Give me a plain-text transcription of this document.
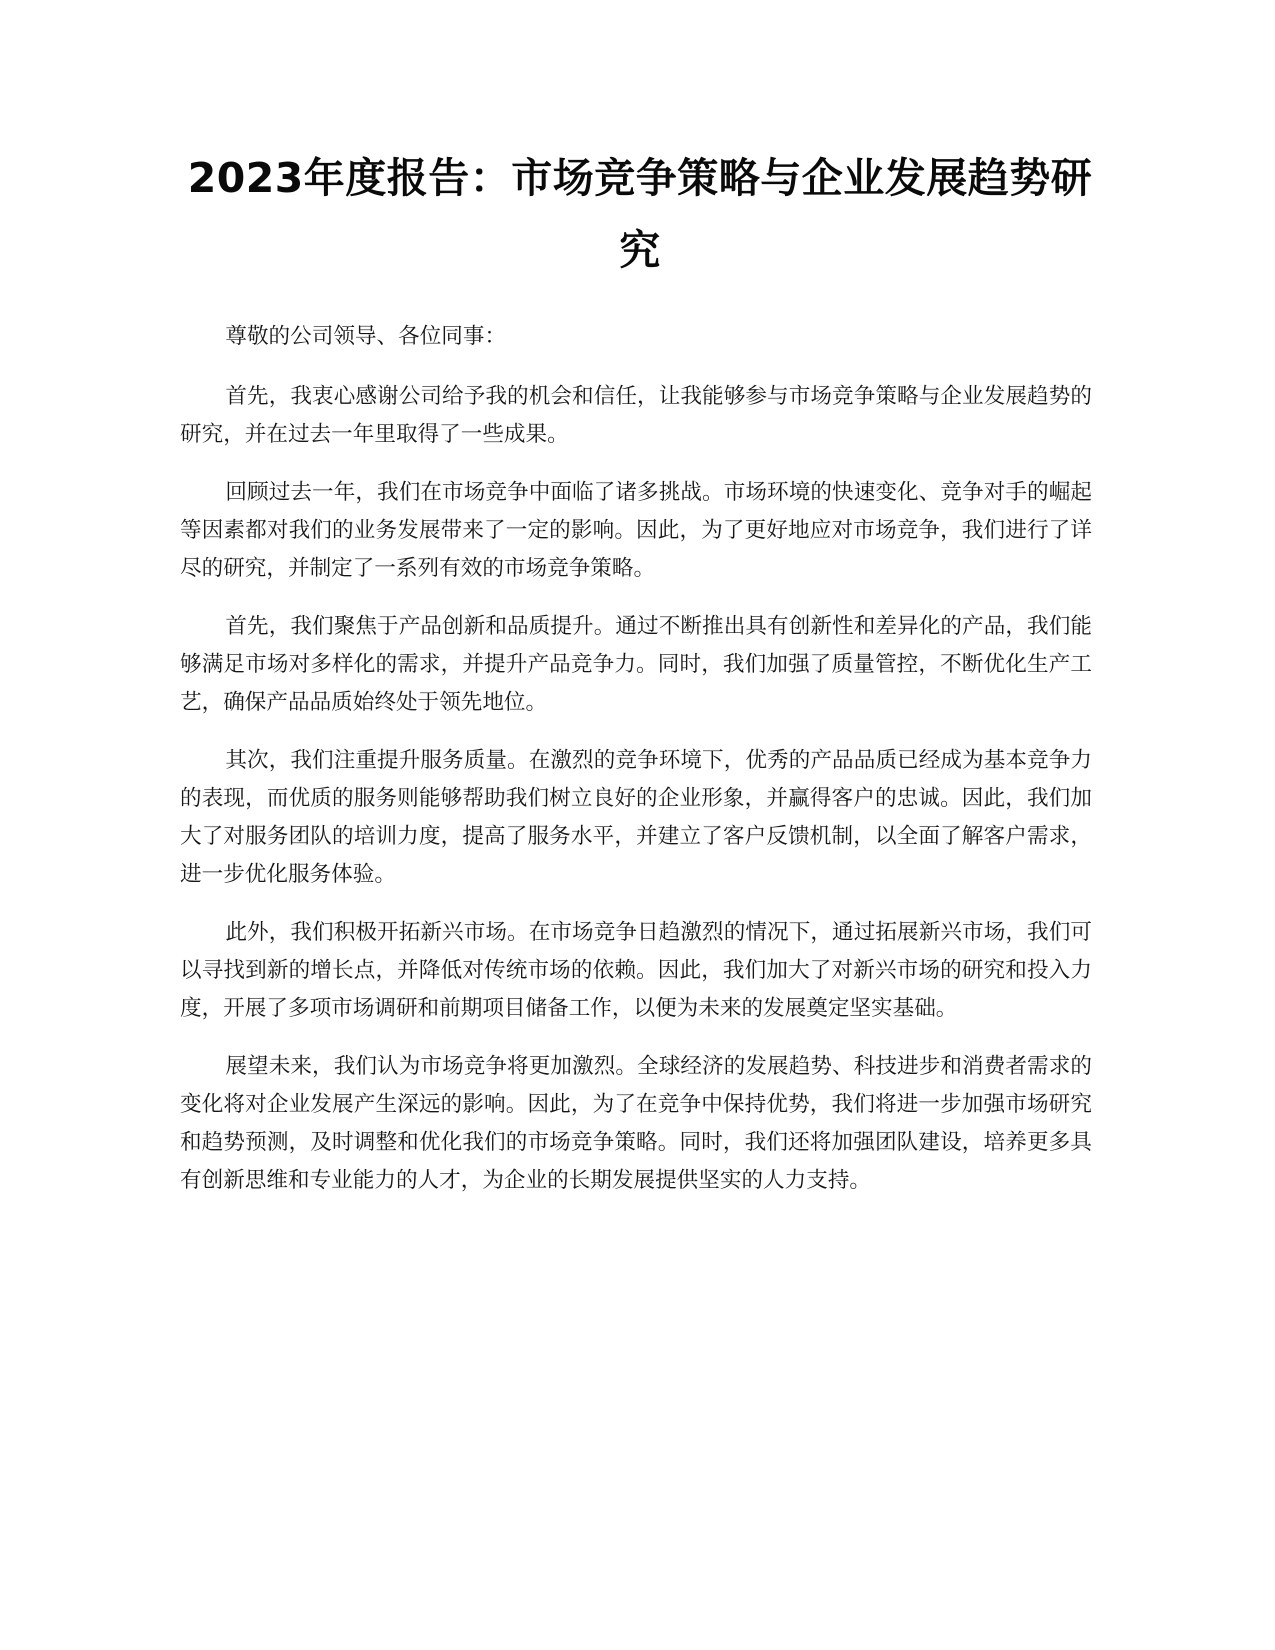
2023年度报告：市场竞争策略与企业发展趋势研究

尊敬的公司领导、各位同事：

首先，我衷心感谢公司给予我的机会和信任，让我能够参与市场竞争策略与企业发展趋势的研究，并在过去一年里取得了一些成果。

回顾过去一年，我们在市场竞争中面临了诸多挑战。市场环境的快速变化、竞争对手的崛起等因素都对我们的业务发展带来了一定的影响。因此，为了更好地应对市场竞争，我们进行了详尽的研究，并制定了一系列有效的市场竞争策略。

首先，我们聚焦于产品创新和品质提升。通过不断推出具有创新性和差异化的产品，我们能够满足市场对多样化的需求，并提升产品竞争力。同时，我们加强了质量管控，不断优化生产工艺，确保产品品质始终处于领先地位。

其次，我们注重提升服务质量。在激烈的竞争环境下，优秀的产品品质已经成为基本竞争力的表现，而优质的服务则能够帮助我们树立良好的企业形象，并赢得客户的忠诚。因此，我们加大了对服务团队的培训力度，提高了服务水平，并建立了客户反馈机制，以全面了解客户需求，进一步优化服务体验。

此外，我们积极开拓新兴市场。在市场竞争日趋激烈的情况下，通过拓展新兴市场，我们可以寻找到新的增长点，并降低对传统市场的依赖。因此，我们加大了对新兴市场的研究和投入力度，开展了多项市场调研和前期项目储备工作，以便为未来的发展奠定坚实基础。

展望未来，我们认为市场竞争将更加激烈。全球经济的发展趋势、科技进步和消费者需求的变化将对企业发展产生深远的影响。因此，为了在竞争中保持优势，我们将进一步加强市场研究和趋势预测，及时调整和优化我们的市场竞争策略。同时，我们还将加强团队建设，培养更多具有创新思维和专业能力的人才，为企业的长期发展提供坚实的人力支持。
